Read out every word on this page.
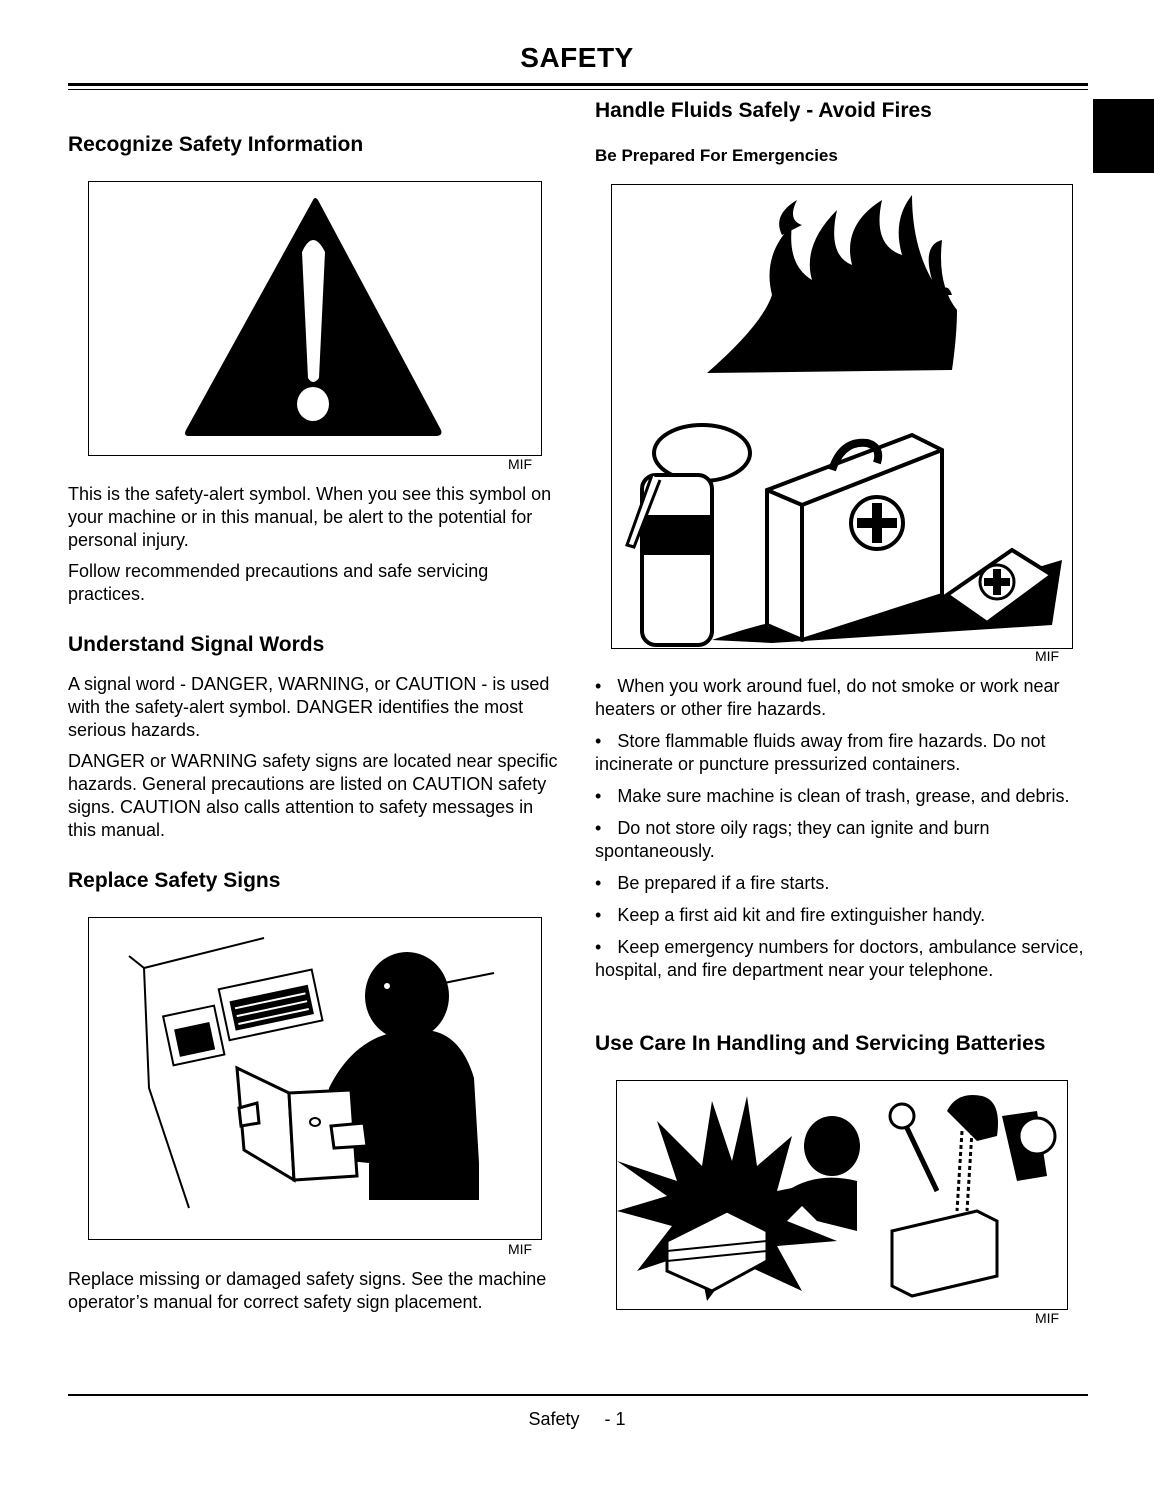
SAFETY
Recognize Safety Information
MIF

This is the safety-alert symbol. When you see this symbol on your machine or in this manual, be alert to the potential for personal injury.

Follow recommended precautions and safe servicing practices.

Understand Signal Words

A signal word - DANGER, WARNING, or CAUTION - is used with the safety-alert symbol. DANGER identifies the most serious hazards.

DANGER or WARNING safety signs are located near specific hazards. General precautions are listed on CAUTION safety signs. CAUTION also calls attention to safety messages in this manual.

Replace Safety Signs
MIF

Replace missing or damaged safety signs. See the machine operator’s manual for correct safety sign placement.

Handle Fluids Safely - Avoid Fires
Be Prepared For Emergencies
MIF

• When you work around fuel, do not smoke or work near heaters or other fire hazards.

• Store flammable fluids away from fire hazards. Do not incinerate or puncture pressurized containers.

• Make sure machine is clean of trash, grease, and debris.

• Do not store oily rags; they can ignite and burn spontaneously.

• Be prepared if a fire starts.

• Keep a first aid kit and fire extinguisher handy.

• Keep emergency numbers for doctors, ambulance service, hospital, and fire department near your telephone.

Use Care In Handling and Servicing Batteries
MIF
Safety - 1
